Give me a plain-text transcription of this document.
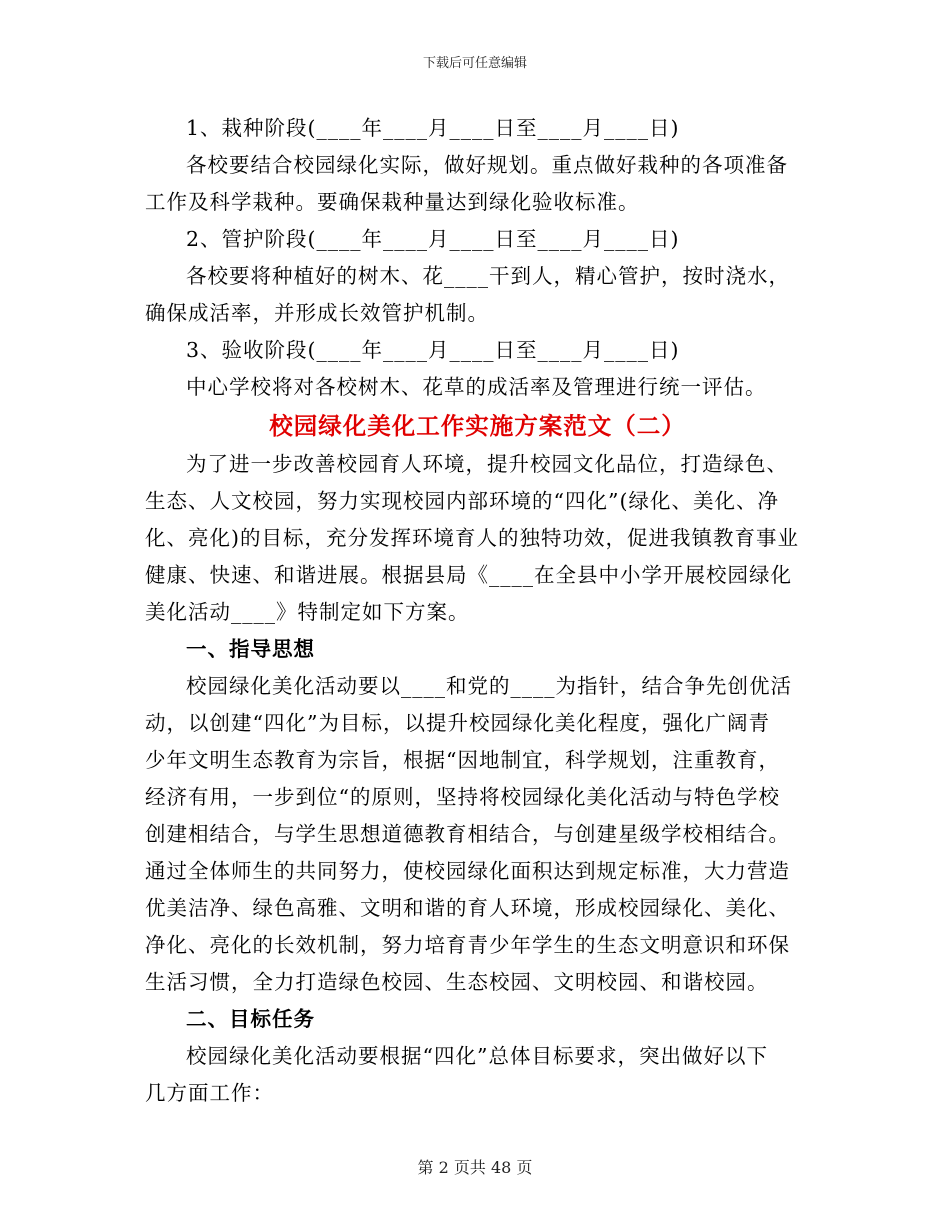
下载后可任意编辑

1、栽种阶段(____年____月____日至____月____日)

各校要结合校园绿化实际，做好规划。重点做好栽种的各项准备

工作及科学栽种。要确保栽种量达到绿化验收标准。

2、管护阶段(____年____月____日至____月____日)

各校要将种植好的树木、花____干到人，精心管护，按时浇水，

确保成活率，并形成长效管护机制。

3、验收阶段(____年____月____日至____月____日)

中心学校将对各校树木、花草的成活率及管理进行统一评估。

校园绿化美化工作实施方案范文（二）

为了进一步改善校园育人环境，提升校园文化品位，打造绿色、

生态、人文校园，努力实现校园内部环境的“四化”(绿化、美化、净

化、亮化)的目标，充分发挥环境育人的独特功效，促进我镇教育事业

健康、快速、和谐进展。根据县局《____在全县中小学开展校园绿化

美化活动____》特制定如下方案。

一、指导思想

校园绿化美化活动要以____和党的____为指针，结合争先创优活

动，以创建“四化”为目标，以提升校园绿化美化程度，强化广阔青

少年文明生态教育为宗旨，根据“因地制宜，科学规划，注重教育，

经济有用，一步到位“的原则，坚持将校园绿化美化活动与特色学校

创建相结合，与学生思想道德教育相结合，与创建星级学校相结合。

通过全体师生的共同努力，使校园绿化面积达到规定标准，大力营造

优美洁净、绿色高雅、文明和谐的育人环境，形成校园绿化、美化、

净化、亮化的长效机制，努力培育青少年学生的生态文明意识和环保

生活习惯，全力打造绿色校园、生态校园、文明校园、和谐校园。

二、目标任务

校园绿化美化活动要根据“四化”总体目标要求，突出做好以下

几方面工作：

第 2 页共 48 页
